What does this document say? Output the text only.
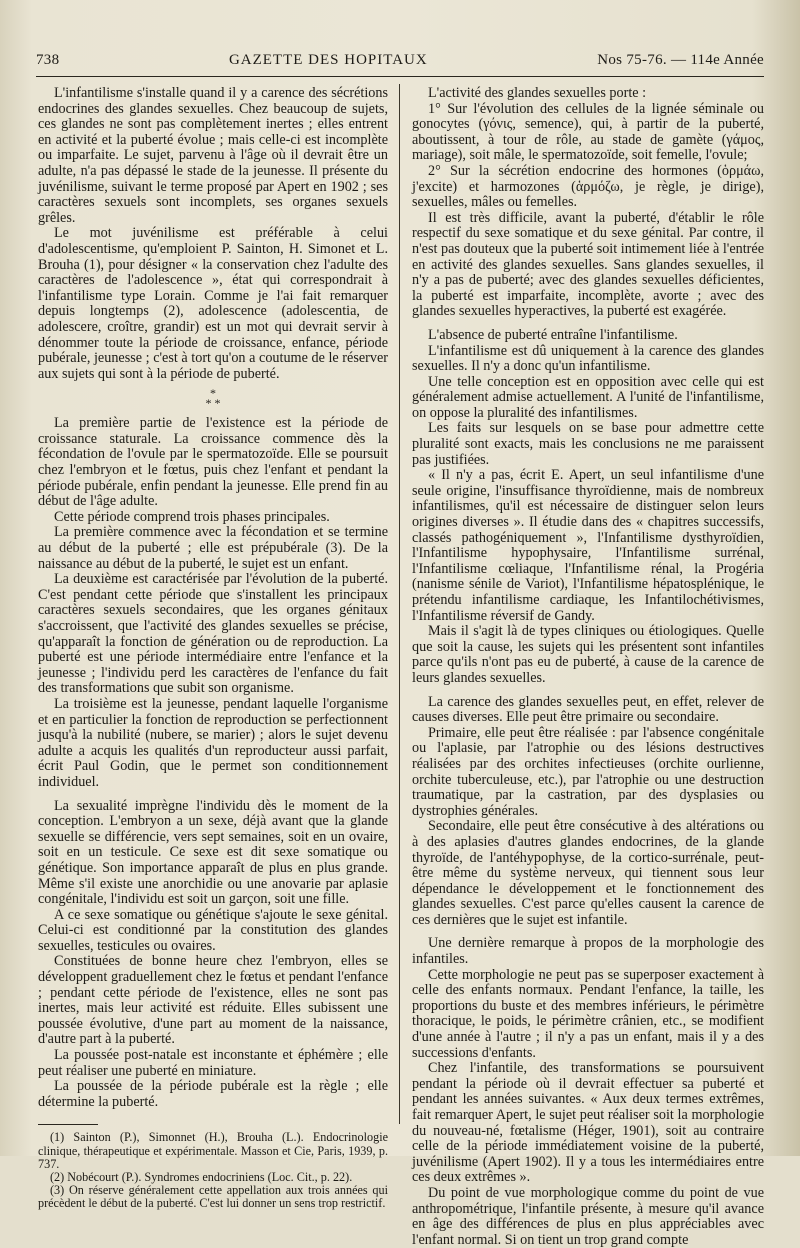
738	GAZETTE DES HOPITAUX	Nos 75-76. — 114e Année

L'infantilisme s'installe quand il y a carence des sécrétions endocrines des glandes sexuelles. Chez beaucoup de sujets, ces glandes ne sont pas complètement inertes ; elles entrent en activité et la puberté évolue ; mais celle-ci est incomplète ou imparfaite. Le sujet, parvenu à l'âge où il devrait être un adulte, n'a pas dépassé le stade de la jeunesse. Il présente du juvénilisme, suivant le terme proposé par Apert en 1902 ; ses caractères sexuels sont incomplets, ses organes sexuels grêles.

Le mot juvénilisme est préférable à celui d'adolescentisme, qu'emploient P. Sainton, H. Simonet et L. Brouha (1), pour désigner « la conservation chez l'adulte des caractères de l'adolescence », état qui correspondrait à l'infantilisme type Lorain. Comme je l'ai fait remarquer depuis longtemps (2), adolescence (adolescentia, de adolescere, croître, grandir) est un mot qui devrait servir à dénommer toute la période de croissance, enfance, période pubérale, jeunesse ; c'est à tort qu'on a coutume de le réserver aux sujets qui sont à la période de puberté.

*
* *

La première partie de l'existence est la période de croissance staturale. La croissance commence dès la fécondation de l'ovule par le spermatozoïde. Elle se poursuit chez l'embryon et le fœtus, puis chez l'enfant et pendant la période pubérale, enfin pendant la jeunesse. Elle prend fin au début de l'âge adulte.

Cette période comprend trois phases principales.

La première commence avec la fécondation et se termine au début de la puberté ; elle est prépubérale (3). De la naissance au début de la puberté, le sujet est un enfant.

La deuxième est caractérisée par l'évolution de la puberté. C'est pendant cette période que s'installent les principaux caractères sexuels secondaires, que les organes génitaux s'accroissent, que l'activité des glandes sexuelles se précise, qu'apparaît la fonction de génération ou de reproduction. La puberté est une période intermédiaire entre l'enfance et la jeunesse ; l'individu perd les caractères de l'enfance du fait des transformations que subit son organisme.

La troisième est la jeunesse, pendant laquelle l'organisme et en particulier la fonction de reproduction se perfectionnent jusqu'à la nubilité (nubere, se marier) ; alors le sujet devenu adulte a acquis les qualités d'un reproducteur aussi parfait, écrit Paul Godin, que le permet son conditionnement individuel.

La sexualité imprègne l'individu dès le moment de la conception. L'embryon a un sexe, déjà avant que la glande sexuelle se différencie, vers sept semaines, soit en un ovaire, soit en un testicule. Ce sexe est dit sexe somatique ou génétique. Son importance apparaît de plus en plus grande. Même s'il existe une anorchidie ou une anovarie par aplasie congénitale, l'individu est soit un garçon, soit une fille.

A ce sexe somatique ou génétique s'ajoute le sexe génital. Celui-ci est conditionné par la constitution des glandes sexuelles, testicules ou ovaires.

Constituées de bonne heure chez l'embryon, elles se développent graduellement chez le fœtus et pendant l'enfance ; pendant cette période de l'existence, elles ne sont pas inertes, mais leur activité est réduite. Elles subissent une poussée évolutive, d'une part au moment de la naissance, d'autre part à la puberté.

La poussée post-natale est inconstante et éphémère ; elle peut réaliser une puberté en miniature.

La poussée de la période pubérale est la règle ; elle détermine la puberté.

(1) Sainton (P.), Simonnet (H.), Brouha (L.). Endocrinologie clinique, thérapeutique et expérimentale. Masson et Cie, Paris, 1939, p. 737.

(2) Nobécourt (P.). Syndromes endocriniens (Loc. Cit., p. 22).

(3) On réserve généralement cette appellation aux trois années qui précèdent le début de la puberté. C'est lui donner un sens trop restrictif.

L'activité des glandes sexuelles porte :

1° Sur l'évolution des cellules de la lignée séminale ou gonocytes (γόνις, semence), qui, à partir de la puberté, aboutissent, à tour de rôle, au stade de gamète (γάμος, mariage), soit mâle, le spermatozoïde, soit femelle, l'ovule;

2° Sur la sécrétion endocrine des hormones (ὁρμάω, j'excite) et harmozones (ἁρμόζω, je règle, je dirige), sexuelles, mâles ou femelles.

Il est très difficile, avant la puberté, d'établir le rôle respectif du sexe somatique et du sexe génital. Par contre, il n'est pas douteux que la puberté soit intimement liée à l'entrée en activité des glandes sexuelles. Sans glandes sexuelles, il n'y a pas de puberté; avec des glandes sexuelles déficientes, la puberté est imparfaite, incomplète, avorte ; avec des glandes sexuelles hyperactives, la puberté est exagérée.

L'absence de puberté entraîne l'infantilisme.

L'infantilisme est dû uniquement à la carence des glandes sexuelles. Il n'y a donc qu'un infantilisme.

Une telle conception est en opposition avec celle qui est généralement admise actuellement. A l'unité de l'infantilisme, on oppose la pluralité des infantilismes.

Les faits sur lesquels on se base pour admettre cette pluralité sont exacts, mais les conclusions ne me paraissent pas justifiées.

« Il n'y a pas, écrit E. Apert, un seul infantilisme d'une seule origine, l'insuffisance thyroïdienne, mais de nombreux infantilismes, qu'il est nécessaire de distinguer selon leurs origines diverses ». Il étudie dans des « chapitres successifs, classés pathogéniquement », l'Infantilisme dysthyroïdien, l'Infantilisme hypophysaire, l'Infantilisme surrénal, l'Infantilisme cœliaque, l'Infantilisme rénal, la Progéria (nanisme sénile de Variot), l'Infantilisme hépatosplénique, le prétendu infantilisme cardiaque, les Infantilochétivismes, l'Infantilisme réversif de Gandy.

Mais il s'agit là de types cliniques ou étiologiques. Quelle que soit la cause, les sujets qui les présentent sont infantiles parce qu'ils n'ont pas eu de puberté, à cause de la carence de leurs glandes sexuelles.

La carence des glandes sexuelles peut, en effet, relever de causes diverses. Elle peut être primaire ou secondaire.

Primaire, elle peut être réalisée : par l'absence congénitale ou l'aplasie, par l'atrophie ou des lésions destructives réalisées par des orchites infectieuses (orchite ourlienne, orchite tuberculeuse, etc.), par l'atrophie ou une destruction traumatique, par la castration, par des dysplasies ou dystrophies générales.

Secondaire, elle peut être consécutive à des altérations ou à des aplasies d'autres glandes endocrines, de la glande thyroïde, de l'antéhypophyse, de la cortico-surrénale, peut-être même du système nerveux, qui tiennent sous leur dépendance le développement et le fonctionnement des glandes sexuelles. C'est parce qu'elles causent la carence de ces dernières que le sujet est infantile.

Une dernière remarque à propos de la morphologie des infantiles.

Cette morphologie ne peut pas se superposer exactement à celle des enfants normaux. Pendant l'enfance, la taille, les proportions du buste et des membres inférieurs, le périmètre thoracique, le poids, le périmètre crânien, etc., se modifient d'une année à l'autre ; il n'y a pas un enfant, mais il y a des successions d'enfants.

Chez l'infantile, des transformations se poursuivent pendant la période où il devrait effectuer sa puberté et pendant les années suivantes. « Aux deux termes extrêmes, fait remarquer Apert, le sujet peut réaliser soit la morphologie du nouveau-né, fœtalisme (Héger, 1901), soit au contraire celle de la période immédiatement voisine de la puberté, juvénilisme (Apert 1902). Il y a tous les intermédiaires entre ces deux extrêmes ».

Du point de vue morphologique comme du point de vue anthropométrique, l'infantile présente, à mesure qu'il avance en âge des différences de plus en plus appréciables avec l'enfant normal. Si on tient un trop grand compte
